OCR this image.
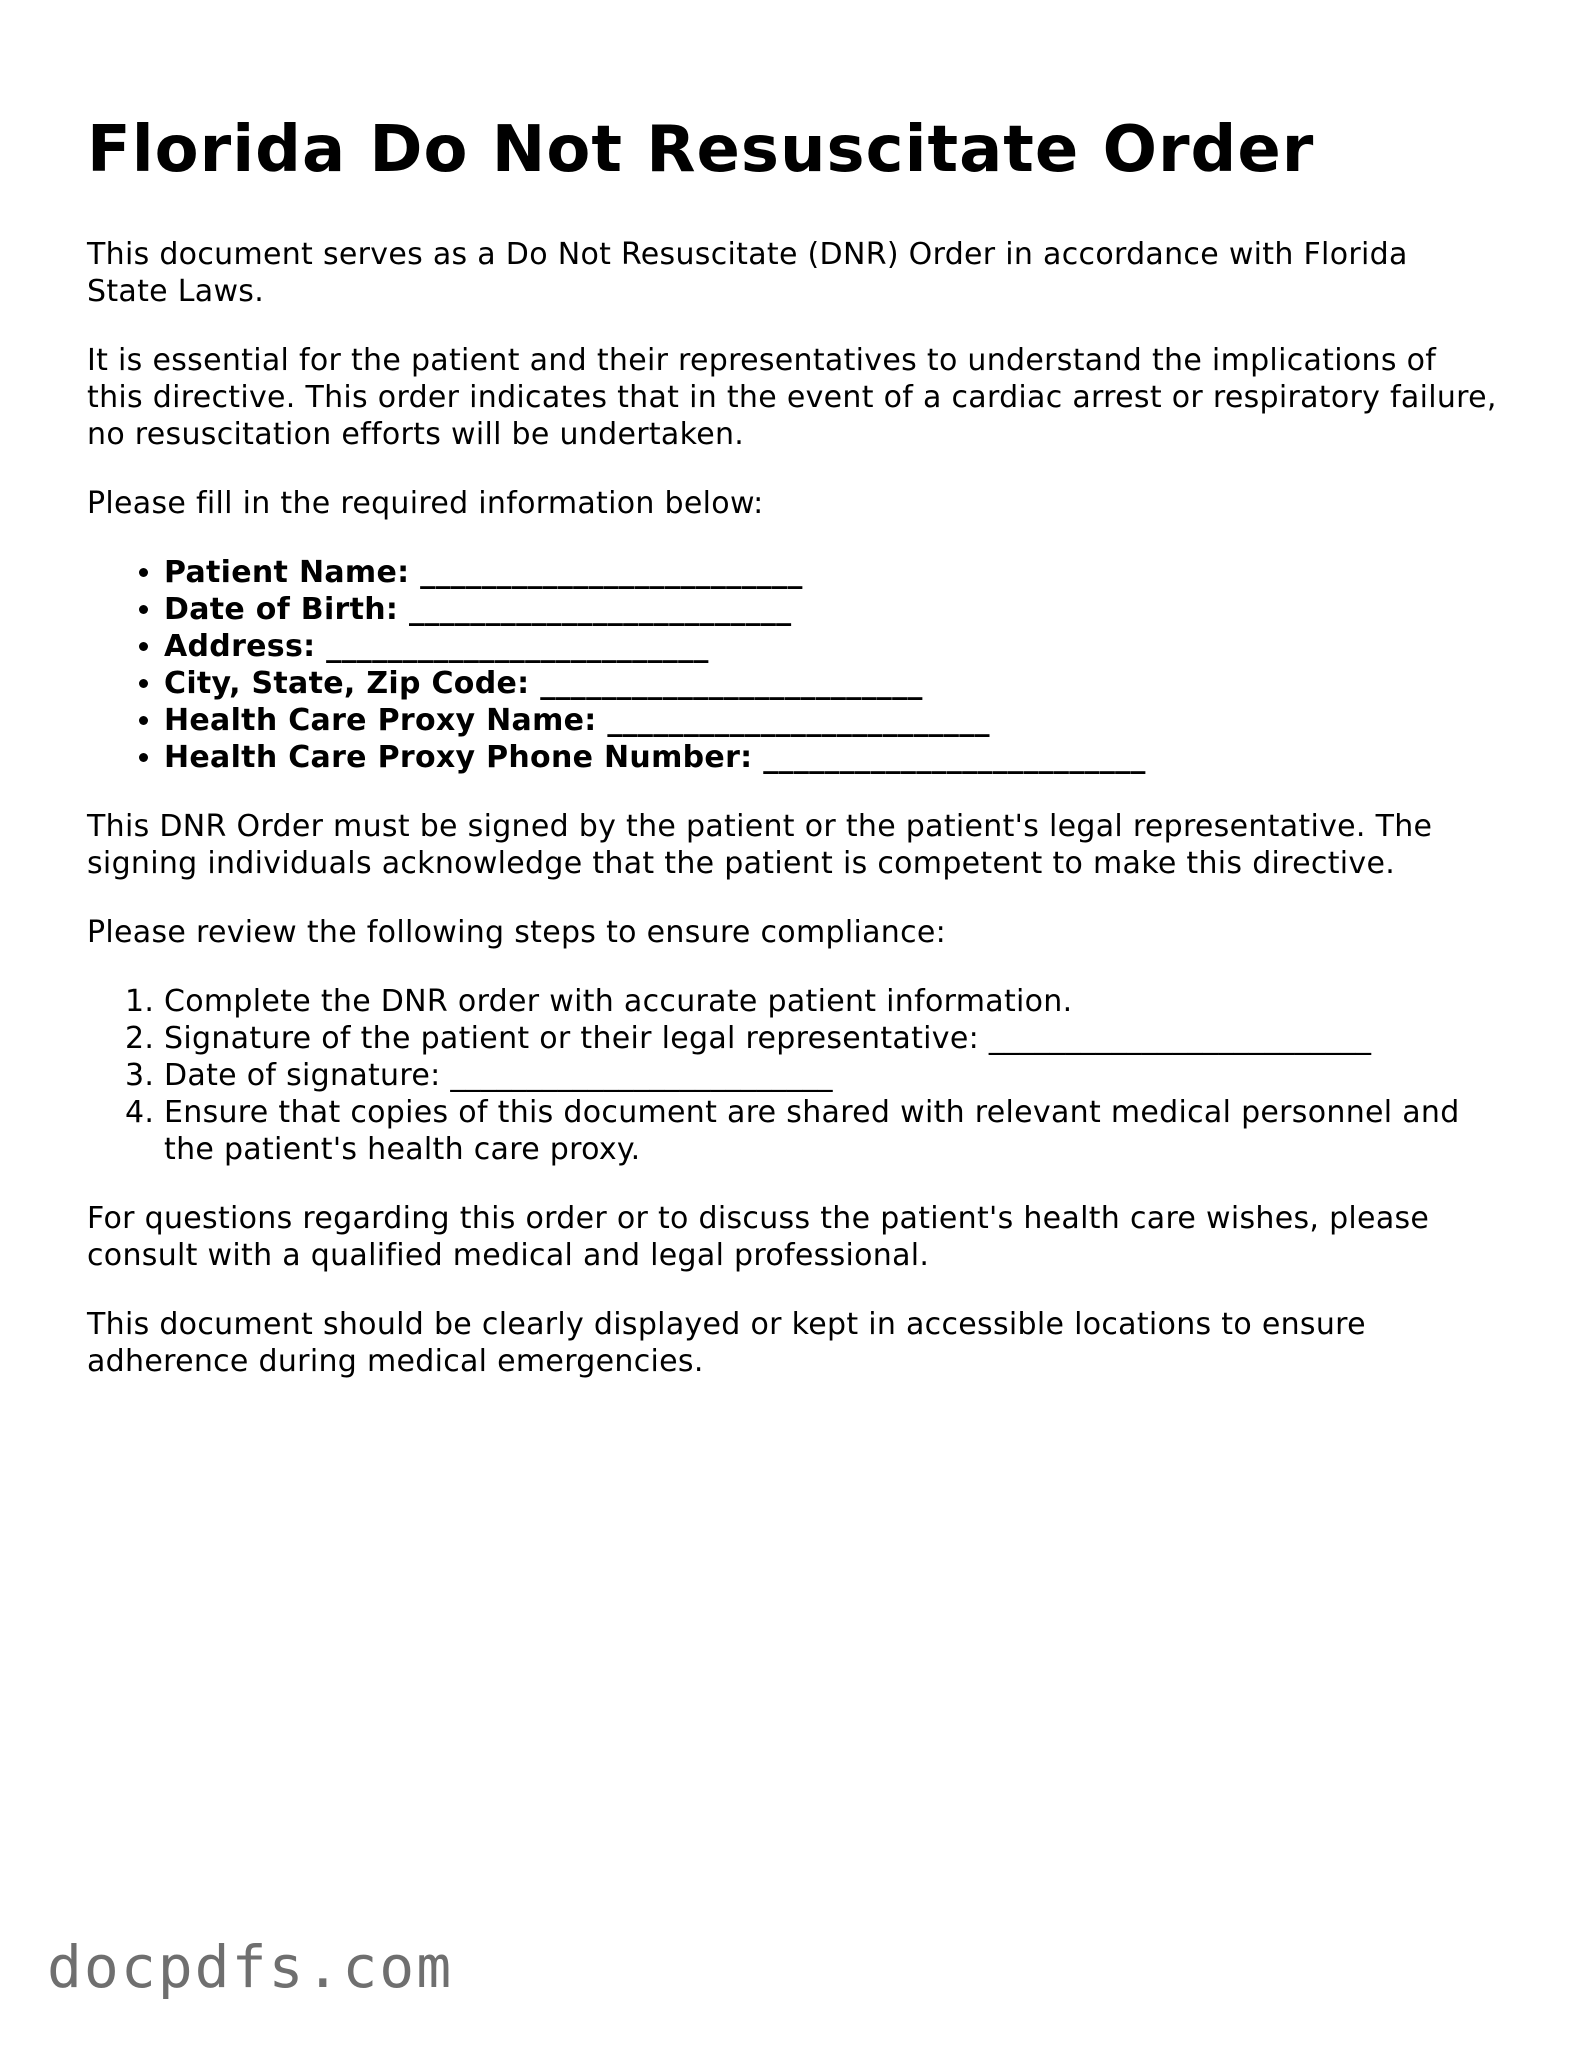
Florida Do Not Resuscitate Order

This document serves as a Do Not Resuscitate (DNR) Order in accordance with Florida State Laws.

It is essential for the patient and their representatives to understand the implications of this directive. This order indicates that in the event of a cardiac arrest or respiratory failure, no resuscitation efforts will be undertaken.

Please fill in the required information below:

• Patient Name: _________________________
• Date of Birth: _________________________
• Address: _________________________
• City, State, Zip Code: _________________________
• Health Care Proxy Name: _________________________
• Health Care Proxy Phone Number: _________________________

This DNR Order must be signed by the patient or the patient's legal representative. The signing individuals acknowledge that the patient is competent to make this directive.

Please review the following steps to ensure compliance:

1. Complete the DNR order with accurate patient information.
2. Signature of the patient or their legal representative: _________________________
3. Date of signature: _________________________
4. Ensure that copies of this document are shared with relevant medical personnel and the patient's health care proxy.

For questions regarding this order or to discuss the patient's health care wishes, please consult with a qualified medical and legal professional.

This document should be clearly displayed or kept in accessible locations to ensure adherence during medical emergencies.

docpdfs.com
